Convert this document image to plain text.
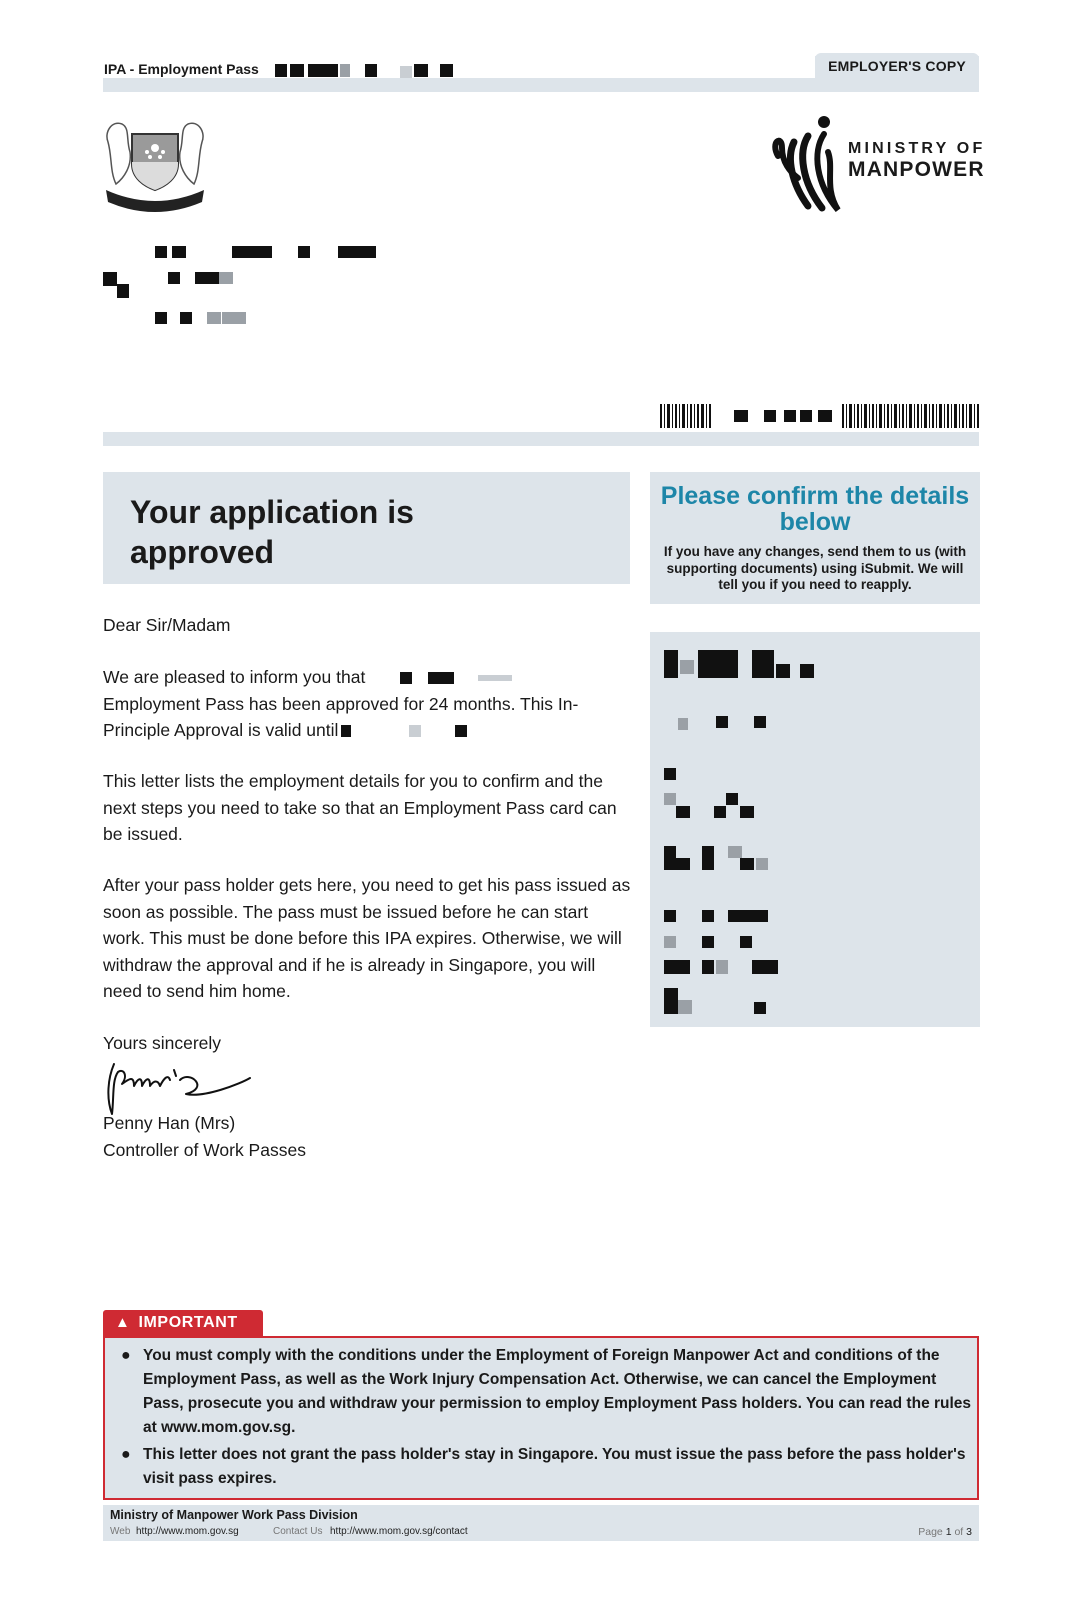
IPA - Employment Pass	EMPLOYER'S COPY
MINISTRY OF
MANPOWER
Your application is approved
Please confirm the details below
If you have any changes, send them to us (with supporting documents) using iSubmit. We will tell you if you need to reapply.
Dear Sir/Madam
We are pleased to inform you that
Employment Pass has been approved for 24 months. This In-Principle Approval is valid until
This letter lists the employment details for you to confirm and the next steps you need to take so that an Employment Pass card can be issued.
After your pass holder gets here, you need to get his pass issued as soon as possible. The pass must be issued before he can start work. This must be done before this IPA expires. Otherwise, we will withdraw the approval and if he is already in Singapore, you will need to send him home.
Yours sincerely
Penny Han (Mrs)
Controller of Work Passes
▲ IMPORTANT
● You must comply with the conditions under the Employment of Foreign Manpower Act and conditions of the Employment Pass, as well as the Work Injury Compensation Act. Otherwise, we can cancel the Employment Pass, prosecute you and withdraw your permission to employ Employment Pass holders. You can read the rules at www.mom.gov.sg.
● This letter does not grant the pass holder's stay in Singapore. You must issue the pass before the pass holder's visit pass expires.
Ministry of Manpower Work Pass Division
Web http://www.mom.gov.sg	Contact Us http://www.mom.gov.sg/contact	Page 1 of 3
